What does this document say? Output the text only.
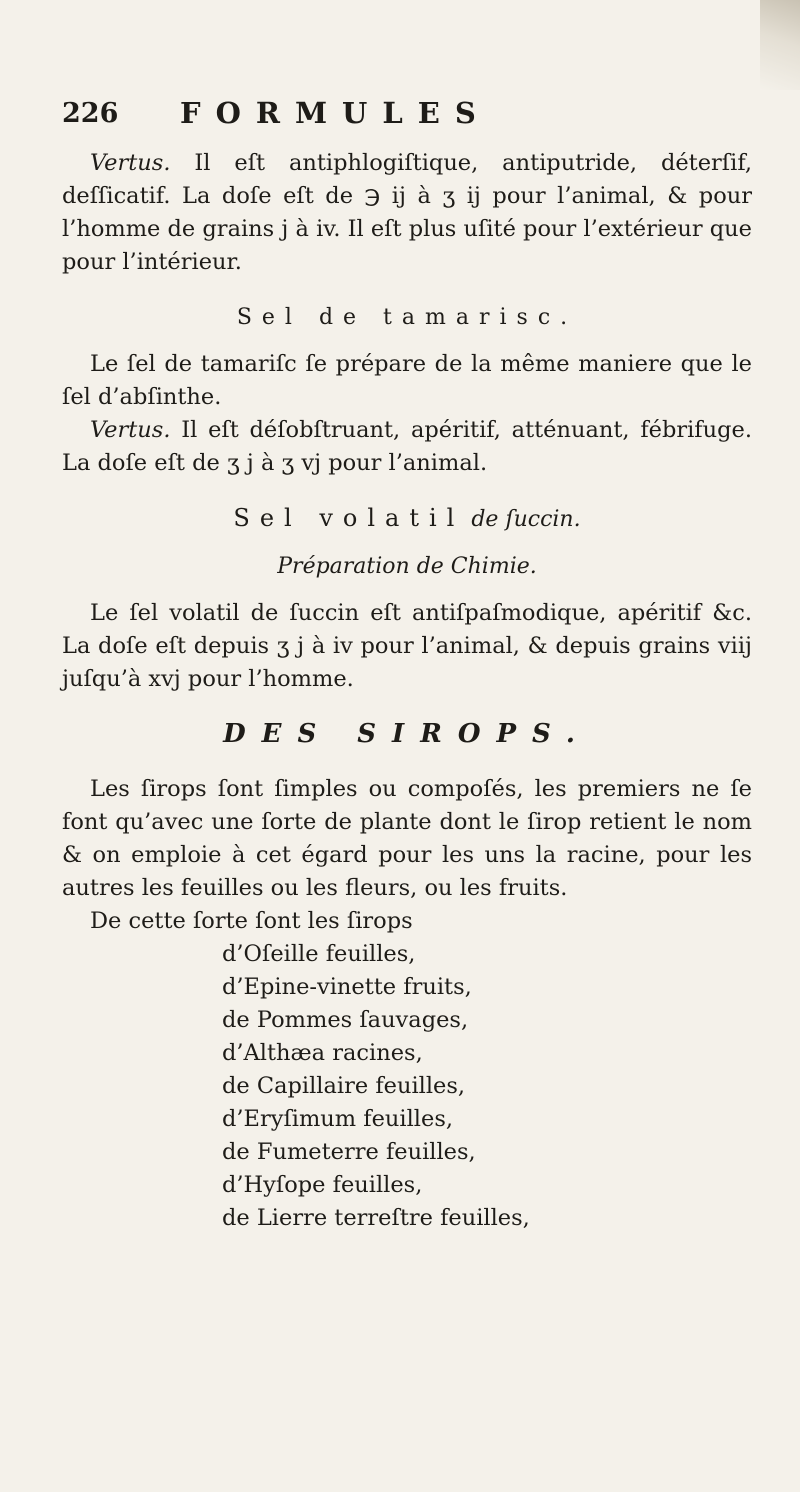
226 FORMULES

Vertus. Il eſt antiphlogiſtique, antiputride, déterſif, deſſicatif. La doſe eſt de ℈ ij à ʒ ij pour l’animal, & pour l’homme de grains j à iv. Il eſt plus uſité pour l’extérieur que pour l’intérieur.

Sel de tamarisc.

Le ſel de tamariſc ſe prépare de la même maniere que le ſel d’abſinthe.

Vertus. Il eſt déſobſtruant, apéritif, atténuant, fébrifuge. La doſe eſt de ʒ j à ʒ vj pour l’animal.

Sel volatil de ſuccin.

Préparation de Chimie.

Le ſel volatil de ſuccin eſt antiſpaſmodique, apéritif &c. La doſe eſt depuis ʒ j à iv pour l’animal, & depuis grains viij juſqu’à xvj pour l’homme.

DES SIROPS.

Les ſirops ſont ſimples ou compoſés, les premiers ne ſe font qu’avec une ſorte de plante dont le ſirop retient le nom & on emploie à cet égard pour les uns la racine, pour les autres les feuilles ou les fleurs, ou les fruits.

De cette ſorte ſont les ſirops

d’Oſeille feuilles,
d’Epine-vinette fruits,
de Pommes ſauvages,
d’Althæa racines,
de Capillaire feuilles,
d’Eryſimum feuilles,
de Fumeterre feuilles,
d’Hyſope feuilles,
de Lierre terreſtre feuilles,
